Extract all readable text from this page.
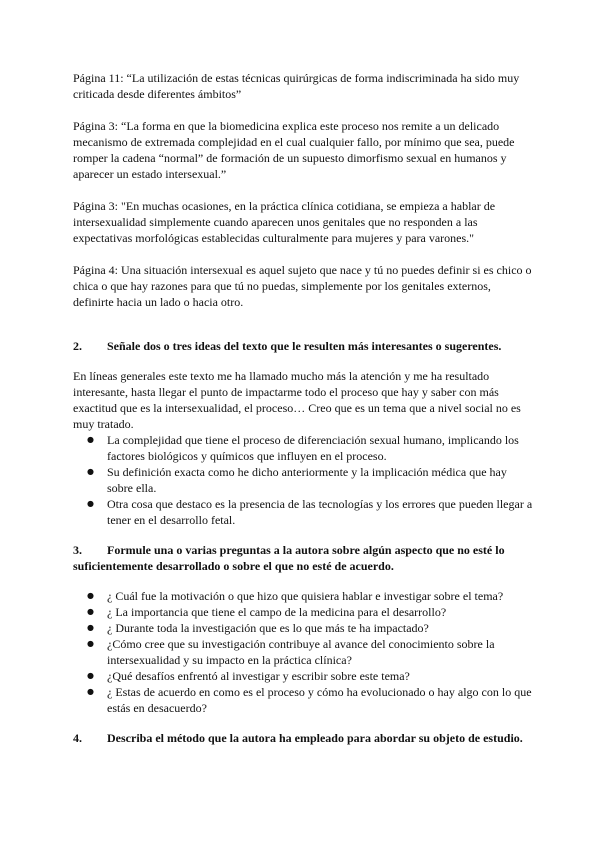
Página 11: “La utilización de estas técnicas quirúrgicas de forma indiscriminada ha sido muy criticada desde diferentes ámbitos”

Página 3: “La forma en que la biomedicina explica este proceso nos remite a un delicado mecanismo de extremada complejidad en el cual cualquier fallo, por mínimo que sea, puede romper la cadena “normal” de formación de un supuesto dimorfismo sexual en humanos y aparecer un estado intersexual.”

Página 3: "En muchas ocasiones, en la práctica clínica cotidiana, se empieza a hablar de intersexualidad simplemente cuando aparecen unos genitales que no responden a las expectativas morfológicas establecidas culturalmente para mujeres y para varones."

Página 4: Una situación intersexual es aquel sujeto que nace y tú no puedes definir si es chico o chica o que hay razones para que tú no puedas, simplemente por los genitales externos, definirte hacia un lado o hacia otro.

2. Señale dos o tres ideas del texto que le resulten más interesantes o sugerentes.

En líneas generales este texto me ha llamado mucho más la atención y me ha resultado interesante, hasta llegar el punto de impactarme todo el proceso que hay y saber con más exactitud que es la intersexualidad, el proceso… Creo que es un tema que a nivel social no es muy tratado.

● La complejidad que tiene el proceso de diferenciación sexual humano, implicando los factores biológicos y químicos que influyen en el proceso.
● Su definición exacta como he dicho anteriormente y la implicación médica que hay sobre ella.
● Otra cosa que destaco es la presencia de las tecnologías y los errores que pueden llegar a tener en el desarrollo fetal.

3. Formule una o varias preguntas a la autora sobre algún aspecto que no esté lo suficientemente desarrollado o sobre el que no esté de acuerdo.

● ¿ Cuál fue la motivación o que hizo que quisiera hablar e investigar sobre el tema?
● ¿ La importancia que tiene el campo de la medicina para el desarrollo?
● ¿ Durante toda la investigación que es lo que más te ha impactado?
● ¿Cómo cree que su investigación contribuye al avance del conocimiento sobre la intersexualidad y su impacto en la práctica clínica?
● ¿Qué desafíos enfrentó al investigar y escribir sobre este tema?
● ¿ Estas de acuerdo en como es el proceso y cómo ha evolucionado o hay algo con lo que estás en desacuerdo?

4. Describa el método que la autora ha empleado para abordar su objeto de estudio.
